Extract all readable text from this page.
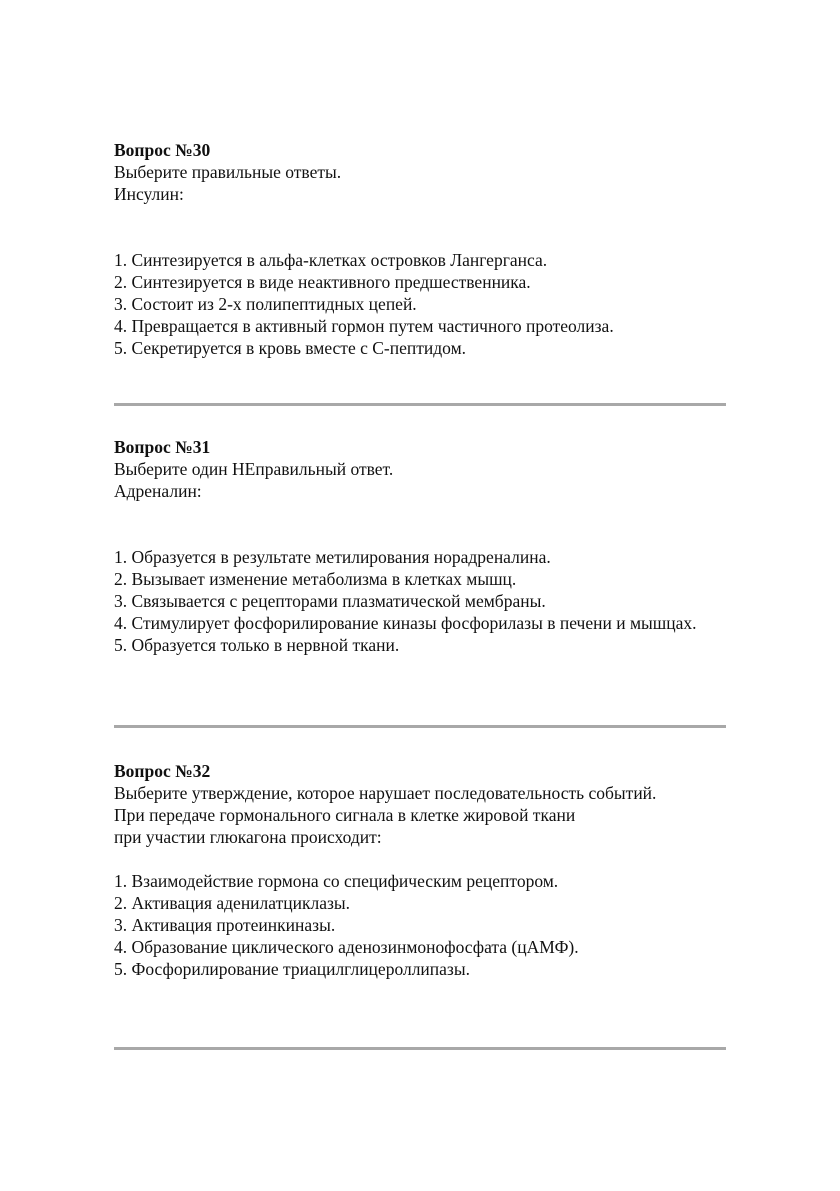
Вопрос №30
Выберите правильные ответы.
Инсулин:
1. Синтезируется в альфа-клетках островков Лангерганса.
2. Синтезируется в виде неактивного предшественника.
3. Состоит из 2-х полипептидных цепей.
4. Превращается в активный гормон путем частичного протеолиза.
5. Секретируется в кровь вместе с С-пептидом.
Вопрос №31
Выберите один НЕправильный ответ.
Адреналин:
1. Образуется в результате метилирования норадреналина.
2. Вызывает изменение метаболизма в клетках мышц.
3. Связывается с рецепторами плазматической мембраны.
4. Стимулирует фосфорилирование киназы фосфорилазы в печени и мышцах.
5. Образуется только в нервной ткани.
Вопрос №32
Выберите утверждение, которое нарушает последовательность событий.
При передаче гормонального сигнала в клетке жировой ткани
при участии глюкагона происходит:
1. Взаимодействие гормона со специфическим рецептором.
2. Активация аденилатциклазы.
3. Активация протеинкиназы.
4. Образование циклического аденозинмонофосфата (цАМФ).
5. Фосфорилирование триацилглицероллипазы.
